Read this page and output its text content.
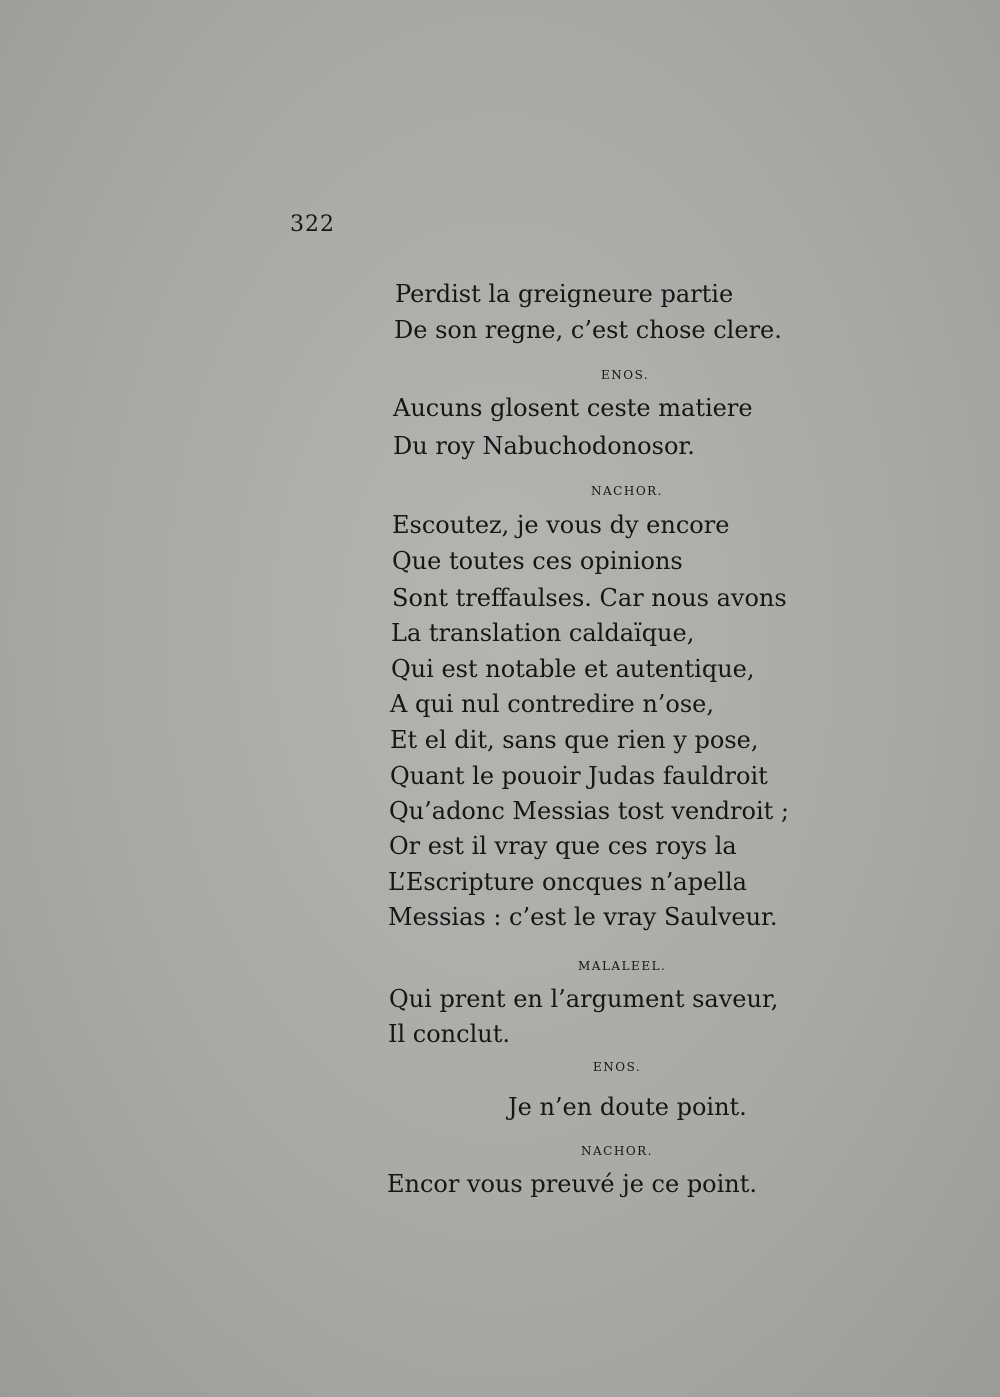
322
Perdist la greigneure partie
De son regne, c’est chose clere.
ENOS.
Aucuns glosent ceste matiere
Du roy Nabuchodonosor.
NACHOR.
Escoutez, je vous dy encore
Que toutes ces opinions
Sont treffaulses. Car nous avons
La translation caldaïque,
Qui est notable et autentique,
A qui nul contredire n’ose,
Et el dit, sans que rien y pose,
Quant le pouoir Judas fauldroit
Qu’adonc Messias tost vendroit ;
Or est il vray que ces roys la
L’Escripture oncques n’apella
Messias : c’est le vray Saulveur.
MALALEEL.
Qui prent en l’argument saveur,
Il conclut.
ENOS.
Je n’en doute point.
NACHOR.
Encor vous preuvé je ce point.
